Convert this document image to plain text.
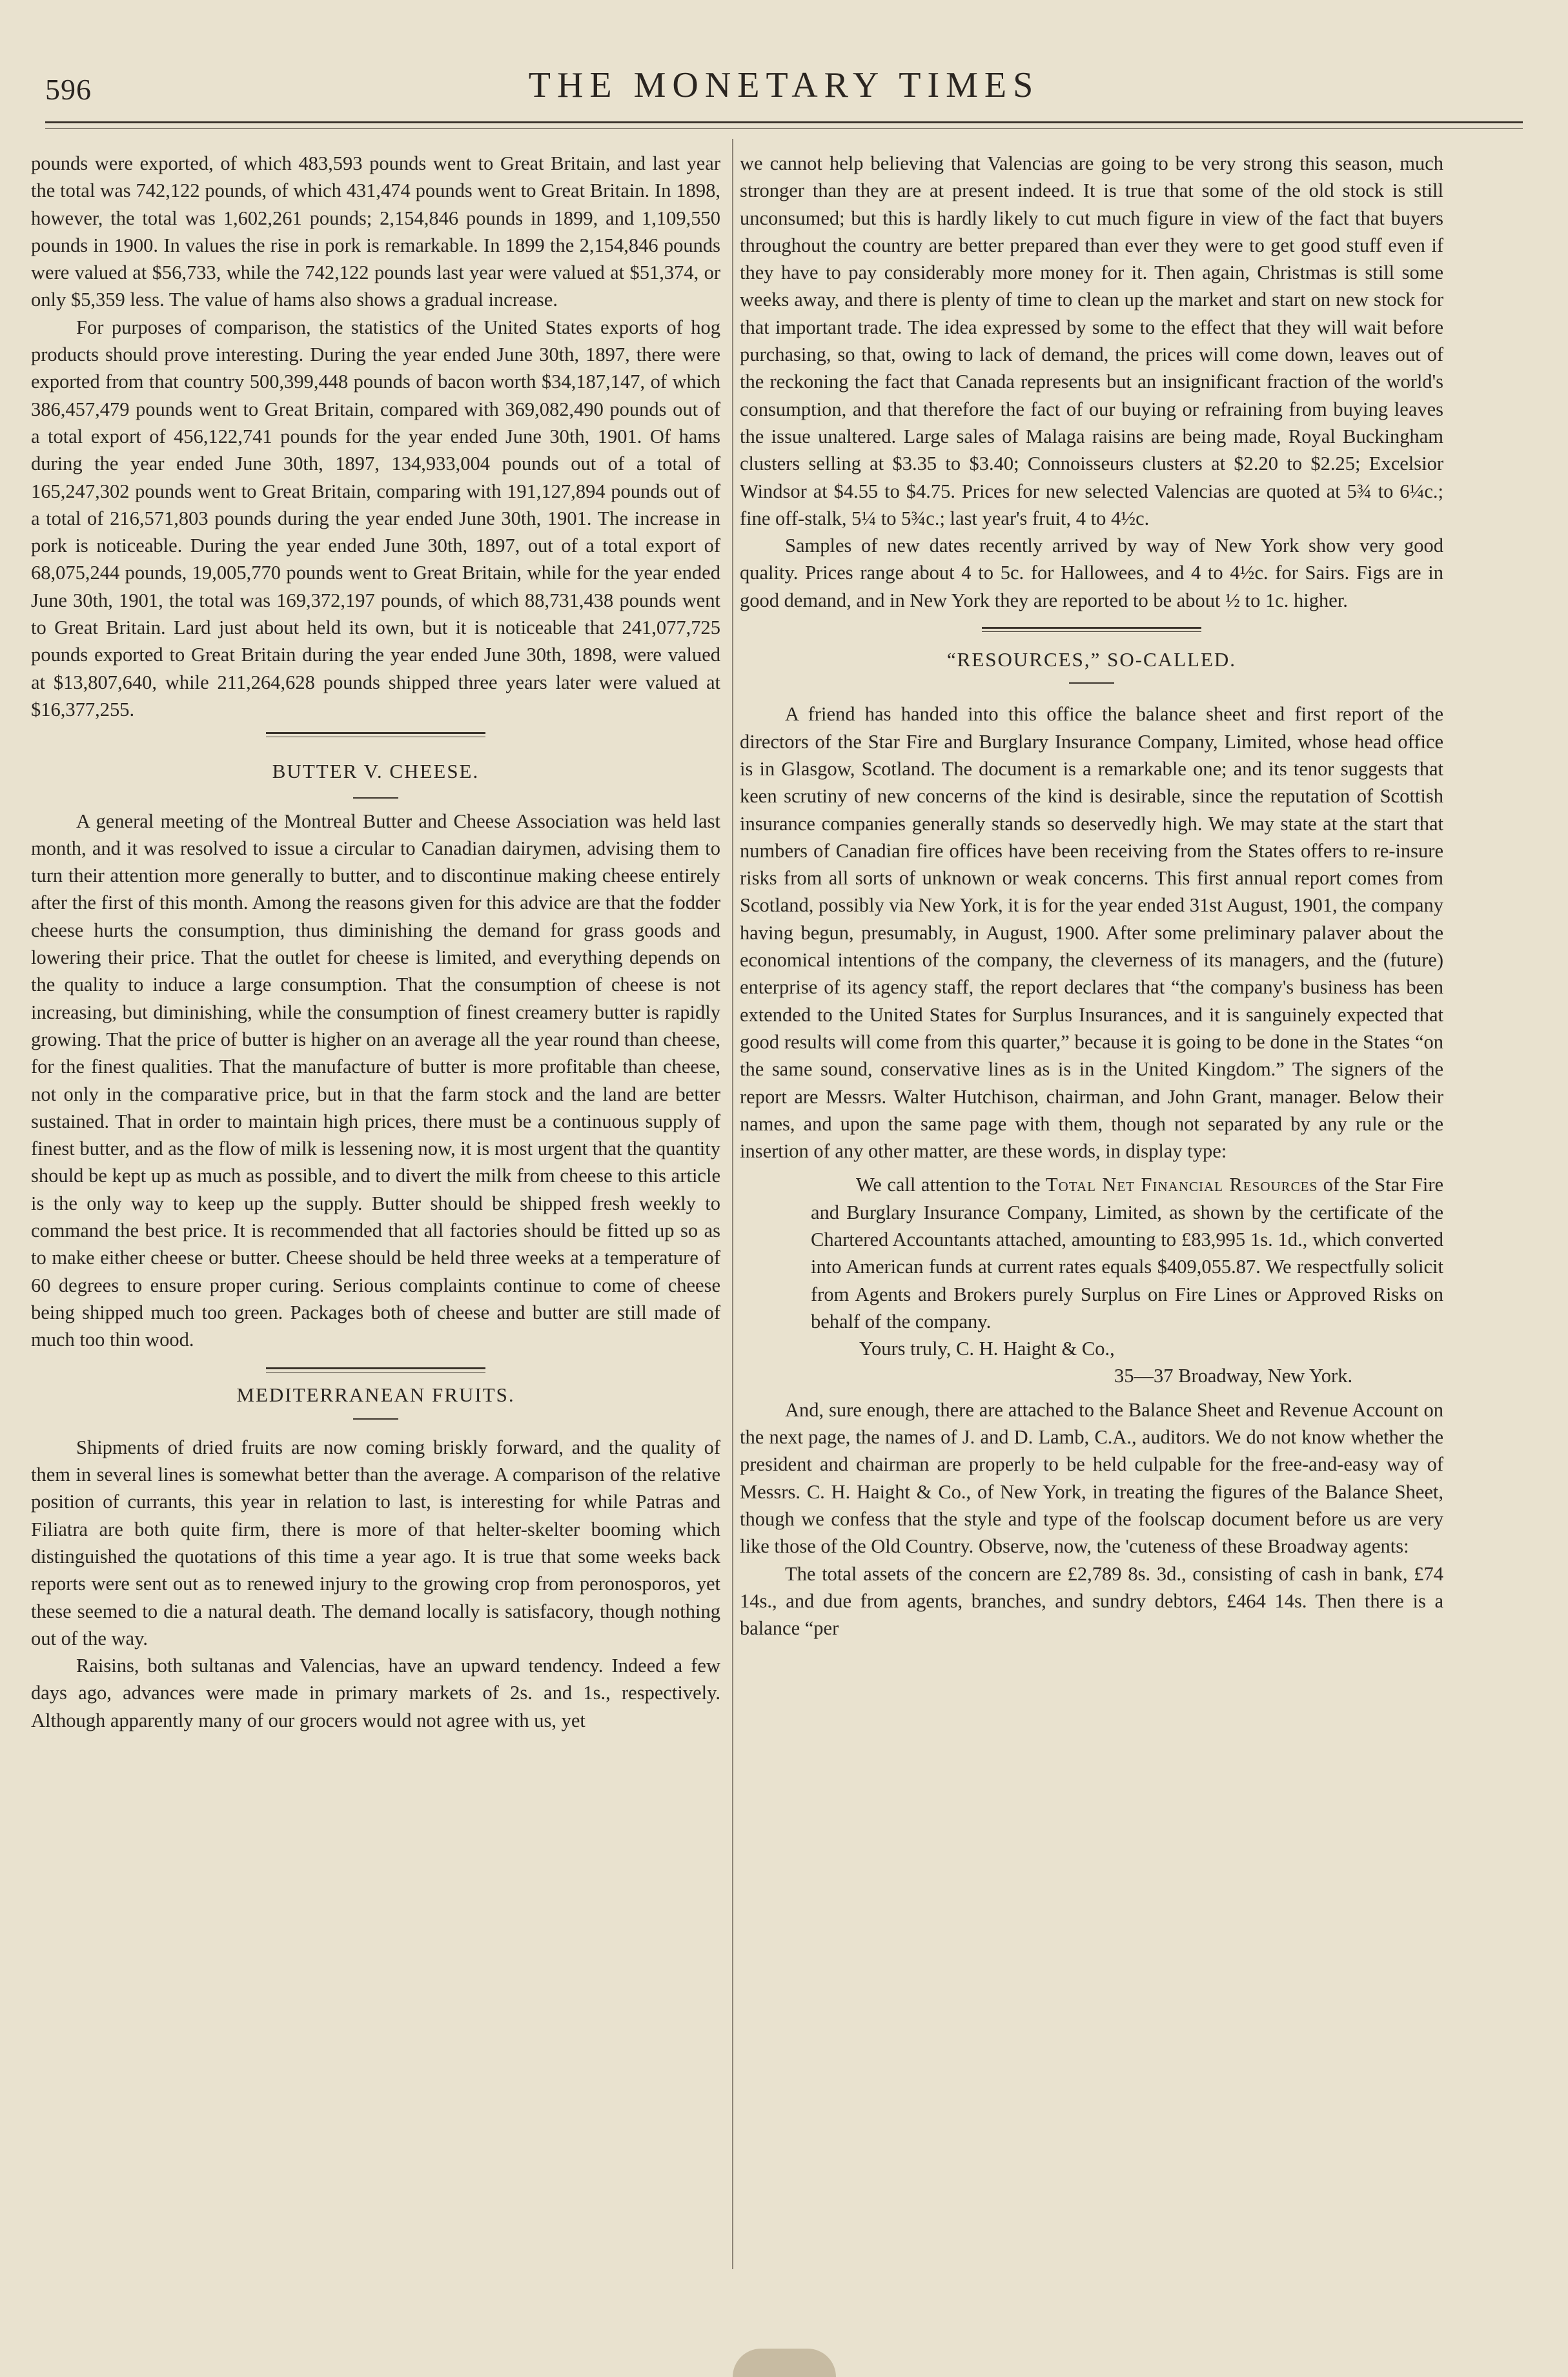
596	THE MONETARY TIMES

pounds were exported, of which 483,593 pounds went to Great Britain, and last year the total was 742,122 pounds, of which 431,474 pounds went to Great Britain. In 1898, however, the total was 1,602,261 pounds; 2,154,846 pounds in 1899, and 1,109,550 pounds in 1900. In values the rise in pork is remarkable. In 1899 the 2,154,846 pounds were valued at $56,733, while the 742,122 pounds last year were valued at $51,374, or only $5,359 less. The value of hams also shows a gradual increase.

For purposes of comparison, the statistics of the United States exports of hog products should prove interesting. During the year ended June 30th, 1897, there were exported from that country 500,399,448 pounds of bacon worth $34,187,147, of which 386,457,479 pounds went to Great Britain, compared with 369,082,490 pounds out of a total export of 456,122,741 pounds for the year ended June 30th, 1901. Of hams during the year ended June 30th, 1897, 134,933,004 pounds out of a total of 165,247,302 pounds went to Great Britain, comparing with 191,127,894 pounds out of a total of 216,571,803 pounds during the year ended June 30th, 1901. The increase in pork is noticeable. During the year ended June 30th, 1897, out of a total export of 68,075,244 pounds, 19,005,770 pounds went to Great Britain, while for the year ended June 30th, 1901, the total was 169,372,197 pounds, of which 88,731,438 pounds went to Great Britain. Lard just about held its own, but it is noticeable that 241,077,725 pounds exported to Great Britain during the year ended June 30th, 1898, were valued at $13,807,640, while 211,264,628 pounds shipped three years later were valued at $16,377,255.

BUTTER V. CHEESE.

A general meeting of the Montreal Butter and Cheese Association was held last month, and it was resolved to issue a circular to Canadian dairymen, advising them to turn their attention more generally to butter, and to discontinue making cheese entirely after the first of this month. Among the reasons given for this advice are that the fodder cheese hurts the consumption, thus diminishing the demand for grass goods and lowering their price. That the outlet for cheese is limited, and everything depends on the quality to induce a large consumption. That the consumption of cheese is not increasing, but diminishing, while the consumption of finest creamery butter is rapidly growing. That the price of butter is higher on an average all the year round than cheese, for the finest qualities. That the manufacture of butter is more profitable than cheese, not only in the comparative price, but in that the farm stock and the land are better sustained. That in order to maintain high prices, there must be a continuous supply of finest butter, and as the flow of milk is lessening now, it is most urgent that the quantity should be kept up as much as possible, and to divert the milk from cheese to this article is the only way to keep up the supply. Butter should be shipped fresh weekly to command the best price. It is recommended that all factories should be fitted up so as to make either cheese or butter. Cheese should be held three weeks at a temperature of 60 degrees to ensure proper curing. Serious complaints continue to come of cheese being shipped much too green. Packages both of cheese and butter are still made of much too thin wood.

MEDITERRANEAN FRUITS.

Shipments of dried fruits are now coming briskly forward, and the quality of them in several lines is somewhat better than the average. A comparison of the relative position of currants, this year in relation to last, is interesting for while Patras and Filiatra are both quite firm, there is more of that helter-skelter booming which distinguished the quotations of this time a year ago. It is true that some weeks back reports were sent out as to renewed injury to the growing crop from peronosporos, yet these seemed to die a natural death. The demand locally is satisfacory, though nothing out of the way.

Raisins, both sultanas and Valencias, have an upward tendency. Indeed a few days ago, advances were made in primary markets of 2s. and 1s., respectively. Although apparently many of our grocers would not agree with us, yet

we cannot help believing that Valencias are going to be very strong this season, much stronger than they are at present indeed. It is true that some of the old stock is still unconsumed; but this is hardly likely to cut much figure in view of the fact that buyers throughout the country are better prepared than ever they were to get good stuff even if they have to pay considerably more money for it. Then again, Christmas is still some weeks away, and there is plenty of time to clean up the market and start on new stock for that important trade. The idea expressed by some to the effect that they will wait before purchasing, so that, owing to lack of demand, the prices will come down, leaves out of the reckoning the fact that Canada represents but an insignificant fraction of the world's consumption, and that therefore the fact of our buying or refraining from buying leaves the issue unaltered. Large sales of Malaga raisins are being made, Royal Buckingham clusters selling at $3.35 to $3.40; Connoisseurs clusters at $2.20 to $2.25; Excelsior Windsor at $4.55 to $4.75. Prices for new selected Valencias are quoted at 5¾ to 6¼c.; fine off-stalk, 5¼ to 5¾c.; last year's fruit, 4 to 4½c.

Samples of new dates recently arrived by way of New York show very good quality. Prices range about 4 to 5c. for Hallowees, and 4 to 4½c. for Sairs. Figs are in good demand, and in New York they are reported to be about ½ to 1c. higher.

“RESOURCES,” SO-CALLED.

A friend has handed into this office the balance sheet and first report of the directors of the Star Fire and Burglary Insurance Company, Limited, whose head office is in Glasgow, Scotland. The document is a remarkable one; and its tenor suggests that keen scrutiny of new concerns of the kind is desirable, since the reputation of Scottish insurance companies generally stands so deservedly high. We may state at the start that numbers of Canadian fire offices have been receiving from the States offers to re-insure risks from all sorts of unknown or weak concerns. This first annual report comes from Scotland, possibly via New York, it is for the year ended 31st August, 1901, the company having begun, presumably, in August, 1900. After some preliminary palaver about the economical intentions of the company, the cleverness of its managers, and the (future) enterprise of its agency staff, the report declares that “the company's business has been extended to the United States for Surplus Insurances, and it is sanguinely expected that good results will come from this quarter,” because it is going to be done in the States “on the same sound, conservative lines as is in the United Kingdom.” The signers of the report are Messrs. Walter Hutchison, chairman, and John Grant, manager. Below their names, and upon the same page with them, though not separated by any rule or the insertion of any other matter, are these words, in display type:

We call attention to the Total Net Financial Resources of the Star Fire and Burglary Insurance Company, Limited, as shown by the certificate of the Chartered Accountants attached, amounting to £83,995 1s. 1d., which converted into American funds at current rates equals $409,055.87. We respectfully solicit from Agents and Brokers purely Surplus on Fire Lines or Approved Risks on behalf of the company.

Yours truly, C. H. Haight & Co.,

35—37 Broadway, New York.

And, sure enough, there are attached to the Balance Sheet and Revenue Account on the next page, the names of J. and D. Lamb, C.A., auditors. We do not know whether the president and chairman are properly to be held culpable for the free-and-easy way of Messrs. C. H. Haight & Co., of New York, in treating the figures of the Balance Sheet, though we confess that the style and type of the foolscap document before us are very like those of the Old Country. Observe, now, the 'cuteness of these Broadway agents:

The total assets of the concern are £2,789 8s. 3d., consisting of cash in bank, £74 14s., and due from agents, branches, and sundry debtors, £464 14s. Then there is a balance “per
